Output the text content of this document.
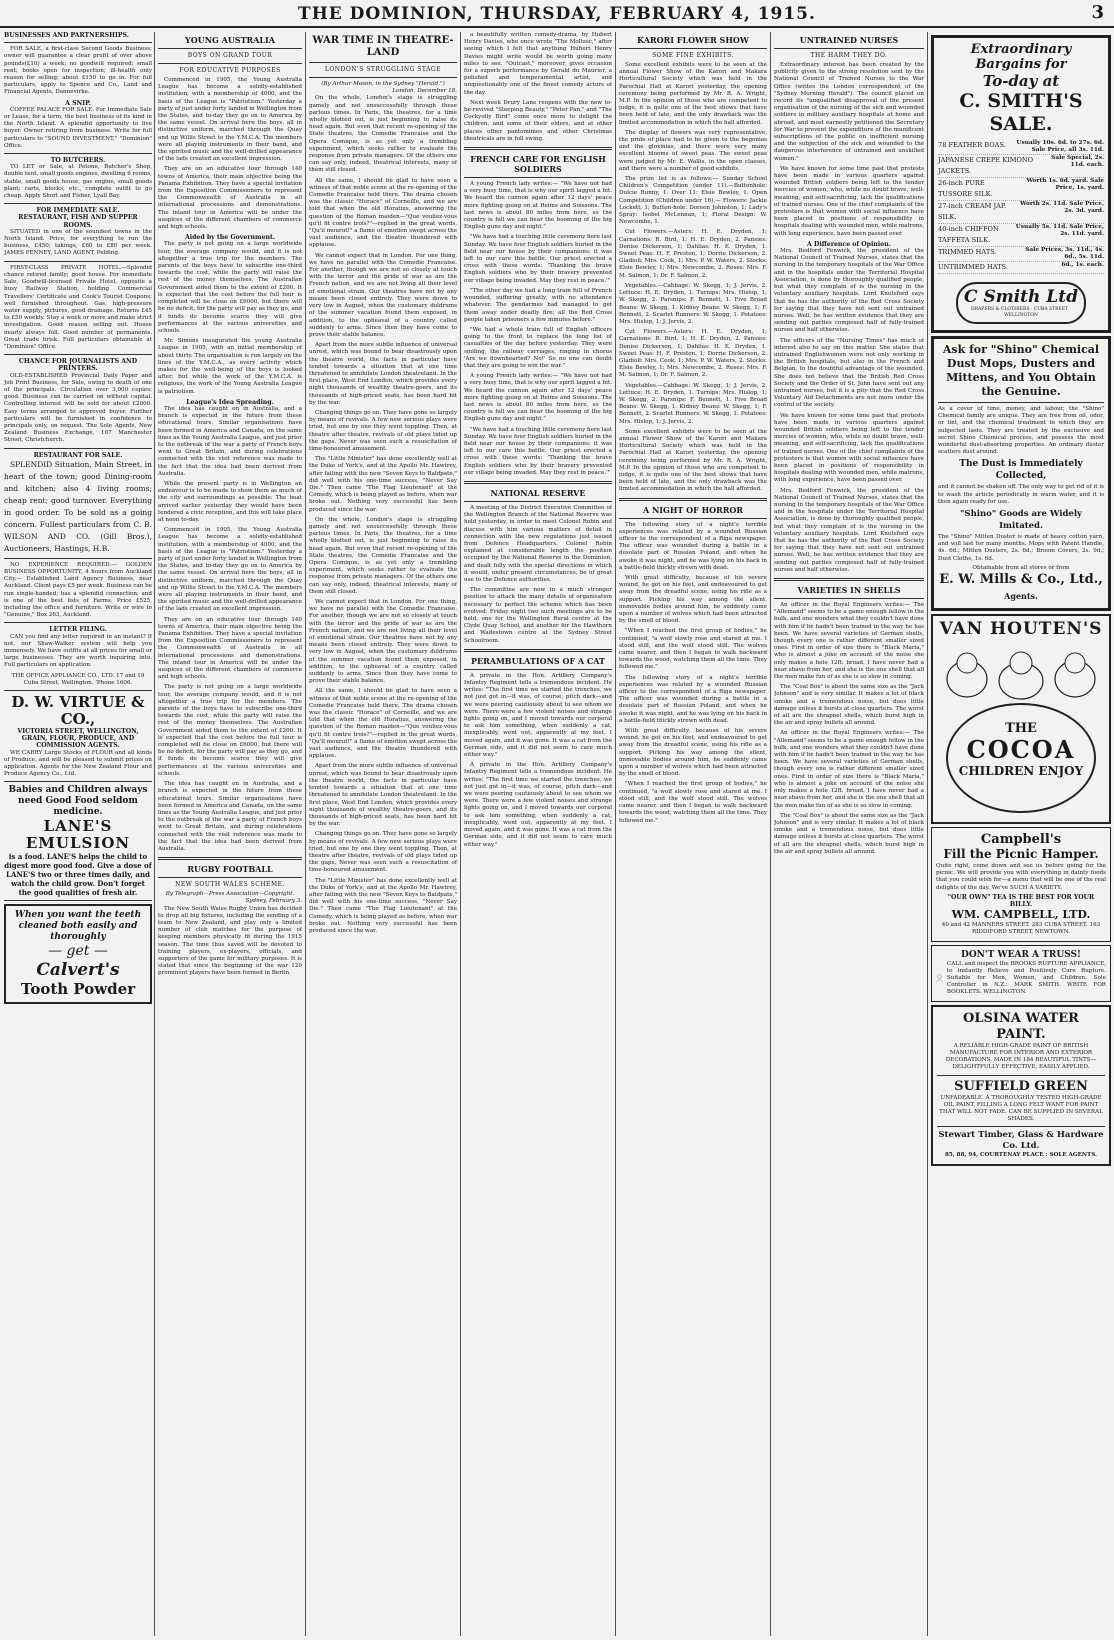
THE DOMINION, THURSDAY, FEBRUARY 4, 1915.	3
BUSINESSES AND PARTNERSHIPS.
FOR SALE, a first-class Second Goods Business; owner will guarantee a clear profit of over above pounds(£10) a week; no goodwill required; small rent; books open for inspection; ill-health only reason for selling; about £150 to go in. For full particulars, apply to Spence and Co., Land and Financial Agents, Dannevirke.
A SNIP.
COFFEE PALACE FOR SALE. For Immediate Sale or Lease, for a term, the best business of its kind in the North Island. A splendid opportunity to live buyer. Owner retiring from business. Write for full particulars to "SOUND INVESTMENT," "Dominion" Office.
TO BUTCHERS.
TO LET or Sale, at Petone, Butcher's Shop, double tent, small goods engines, dwelling 6 rooms, stable, small goods house, gas engine, small goods plant; carts, blocks, etc., complete outfit to go cheap. Apply Short and Fisher, Lyall Bay.
FOR IMMEDIATE SALE.
RESTAURANT, FISH AND SUPPER ROOMS.
SITUATED in one of the soundest towns in the North Island. Price, for everything to run the business, £450; takings, £60 to £80 per week. JAMES PENNEY, LAND AGENT, Pelding.
FIRST-CLASS PRIVATE HOTEL.—Splendid chance retired family; good house. For immediate Sale, Goodwill-licensed Private Hotel, opposite a busy Railway Station, holding Commercial Travellers' Certificate and Cook's Tourist Coupons; well furnished throughout. Gas, high-pressure water supply, pictures, good drainage. Returns £45 to £50 weekly. Stay a week or more and make strict investigation. Good reason selling out. House nearly always full. Good number of permanents. Great trade brisk. Full particulars obtainable at "Dominion" Office.
CHANCE FOR JOURNALISTS AND PRINTERS.
OLD-ESTABLISHED Provincial Daily Paper and Job Print Business, for Sale, owing to death of one of the principals. Circulation over 3,000 copies; good. Business can be carried on without capital. Controlling interest will be sold for about £2000. Easy terms arranged to approved buyer. Further particulars will be furnished in confidence to principals only, on request. The Sole Agents, New Zealand Business Exchange, 107 Manchester Street, Christchurch.
RESTAURANT FOR SALE.
SPLENDID Situation, Main Street, in heart of the town; good Dining-room and kitchen; also 4 living rooms; cheap rent; good turnover. Everything in good order. To be sold as a going concern. Fullest particulars from C. B. WILSON AND CO. (Gill Bros.), Auctioneers, Hastings, H.B.
NO EXPERIENCE REQUIRED.— GOLDEN BUSINESS OPPORTUNITY, 4 hours from Auckland City.— Established Land Agency Business, near Auckland. Client pays £5 per week. Business can be run single-handed; has a splendid connection; and is one of the best lists of Farms. Price £525, including the office and furniture. Write or wire to "Genuine," Box 263, Auckland.
LETTER FILING.
CAN you find any letter required in an instant? If not, our Shaw-Walker system will help you immensely. We have outfits at all prices for small or large businesses. They are worth inquiring into. Full particulars on application.
THE OFFICE APPLIANCE CO., LTD. 17 and 19 Cuba Street, Wellington. 'Phone 1606.
D. W. VIRTUE & CO.,
VICTORIA STREET, WELLINGTON, GRAIN, FLOUR, PRODUCE, AND COMMISSION AGENTS.
WE CARRY Large Stocks of FLOUR and all kinds of Produce, and will be pleased to submit prices on application. Agents for the New Zealand Flour and Produce Agency Co., Ltd.
Babies and Children always need Good Food seldom medicine.
LANE'S EMULSION
is a food. LANE'S helps the child to digest more good food. Give a dose of LANE'S two or three times daily, and watch the child grow. Don't forget the good qualities of fresh air.
When you want the teeth cleaned both easily and thoroughly
— get —
Calvert's
Tooth Powder
YOUNG AUSTRALIA
BOYS ON GRAND TOUR
FOR EDUCATIVE PURPOSES
Commenced in 1905, the Young Australia League has become a solidly-established institution, with a membership of 4000, and the basis of the League is "Patriotism." Yesterday a party of just under forty landed in Wellington from the States, and to-day they go on to America by the same vessel. On arrival here the boys, all in distinctive uniform, marched through the Quay and up Willis Street to the Y.M.C.A. The members were all playing instruments in their band, and the spirited music and the well-drilled appearance of the lads created an excellent impression.
They are on an educative tour through 140 towns of America, their main objective being the Panama Exhibition. They have a special invitation from the Exposition Commissioners to represent the Commonwealth of Australia in all international processions and demonstrations. The inland tour in America will be under the auspices of the different chambers of commerce and high schools.
Aided by the Government.
The party is not going on a large worldwide tour, the average company would, and it is not altogether a true trip for the members. The parents of the boys have to subscribe one-third towards the cost, while the party will raise the rest of the money themselves. The Australian Government aided them to the extent of £200. It is expected that the cost before the full tour is completed will be close on £6000, but there will be no deficit, for the party will pay as they go, and if funds do become scarce they will give performances at the various universities and schools.
Mr. Simons inaugurated the young Australia League in 1905, with an initial membership of about thirty. The organisation is run largely on the lines of the Y.M.C.A., as every activity which makes for the well-being of the boys is looked after; but while the work of the Y.M.C.A. is religious, the work of the Young Australia League is patriotism.
League's Idea Spreading.
The idea has caught on in Australia, and a branch is expected in the future from these educational tours. Similar organisations have been formed in America and Canada, on the same lines as the Young Australia League, and just prior to the outbreak of the war a party of French boys went to Great Britain, and during celebrations connected with the visit reference was made to the fact that the idea had been derived from Australia.
While the present party is in Wellington an endeavour is to be made to show them as much of the city and surroundings as possible. The boat arrived earlier yesterday they would have been tendered a civic reception, and this will take place at noon to-day.
Commenced in 1905, the Young Australia League has become a solidly-established institution, with a membership of 4000, and the basis of the League is "Patriotism." Yesterday a party of just under forty landed in Wellington from the States, and to-day they go on to America by the same vessel. On arrival here the boys, all in distinctive uniform, marched through the Quay and up Willis Street to the Y.M.C.A. The members were all playing instruments in their band, and the spirited music and the well-drilled appearance of the lads created an excellent impression.
They are on an educative tour through 140 towns of America, their main objective being the Panama Exhibition. They have a special invitation from the Exposition Commissioners to represent the Commonwealth of Australia in all international processions and demonstrations. The inland tour in America will be under the auspices of the different chambers of commerce and high schools.
The party is not going on a large worldwide tour, the average company would, and it is not altogether a true trip for the members. The parents of the boys have to subscribe one-third towards the cost, while the party will raise the rest of the money themselves. The Australian Government aided them to the extent of £200. It is expected that the cost before the full tour is completed will be close on £6000, but there will be no deficit, for the party will pay as they go, and if funds do become scarce they will give performances at the various universities and schools.
The idea has caught on in Australia, and a branch is expected in the future from these educational tours. Similar organisations have been formed in America and Canada, on the same lines as the Young Australia League, and just prior to the outbreak of the war a party of French boys went to Great Britain, and during celebrations connected with the visit reference was made to the fact that the idea had been derived from Australia.
RUGBY FOOTBALL
NEW SOUTH WALES SCHEME.
By Telegraph—Press Association—Copyright.
Sydney, February 3.
The New South Wales Rugby Union has decided to drop all big fixtures, including the sending of a team to New Zealand, and play only a limited number of club matches for the purpose of keeping members physically fit during the 1915 season. The time thus saved will be devoted to training players, ex-players, officials, and supporters of the game for military purposes. It is stated that since the beginning of the war 120 prominent players have been formed in Berlin.
WAR TIME IN THEATRE-LAND
LONDON'S STRUGGLING STAGE
(By Arthur Mason, in the Sydney "Herald.")
London, December 18.
On the whole, London's stage is struggling gamely and not unsuccessfully through these parlous times. In Paris, the theatres, for a time wholly blotted out, is just beginning to raise its head again. But even that recent re-opening of the State theatres, the Comedie Francaise and the Opera Comique, is as yet only a trembling experiment, which seeks rather to evaluate the response from private managers. Of the others one can say only, indeed, theatrical interests, many of them still closed.
All the same, I should be glad to have seen a witness of that noble scene at the re-opening of the Comedie Francaise held there. The drama chosen was the classic "Horace" of Corneille, and we are told that when the old Horatius, answering the question of the Roman maiden—"Que vouliez-vous qu'il fit contre trois?"—replied in the great words, "Qu'il mourut!" a flame of emotion swept across the vast audience, and the theatre thundered with applause.
We cannot expect that in London. For one thing, we have no parallel with the Comedie Francaise. For another, though we are not so closely at touch with the terror and the pride of war as are the French nation, and we are not living all their level of emotional strain. Our theatres have not by any means been closed entirely. They were down to very low in August, when the customary doldrums of the summer vacation found them exposed, in addition, to the upheaval of a country called suddenly to arms. Since then they have come to prove their stable balance.
Apart from the more subtle influence of universal unrest, which was bound to bear disastrously upon the theatre world, the facts in particular have tended towards a situation that at one time threatened to annihilate London theatreland. In the first place, West End London, which provides every night thousands of wealthy theatre-goers, and its thousands of high-priced seats, has been hard hit by the war.
Changing things go on. They have gone so largely by means of revivals. A few new serious plays were tried, but one by one they went toppling. Then, at theatre after theatre, revivals of old plays tided up the gaps. Never was seen such a resuscitation of time-honoured amusement.
The "Little Minister" has done excellently well at the Duke of York's, and at the Apollo Mr. Hawtrey, after failing with the new "Seven Keys to Baldpate," did well with his one-time success, "Never Say Die." Then came "The Flag Lieutenant" at the Comedy, which is being played as before, when war broke out. Nothing very successful has been produced since the war.
On the whole, London's stage is struggling gamely and not unsuccessfully through these parlous times. In Paris, the theatres, for a time wholly blotted out, is just beginning to raise its head again. But even that recent re-opening of the State theatres, the Comedie Francaise and the Opera Comique, is as yet only a trembling experiment, which seeks rather to evaluate the response from private managers. Of the others one can say only, indeed, theatrical interests, many of them still closed.
We cannot expect that in London. For one thing, we have no parallel with the Comedie Francaise. For another, though we are not so closely at touch with the terror and the pride of war as are the French nation, and we are not living all their level of emotional strain. Our theatres have not by any means been closed entirely. They were down to very low in August, when the customary doldrums of the summer vacation found them exposed, in addition, to the upheaval of a country called suddenly to arms. Since then they have come to prove their stable balance.
All the same, I should be glad to have seen a witness of that noble scene at the re-opening of the Comedie Francaise held there. The drama chosen was the classic "Horace" of Corneille, and we are told that when the old Horatius, answering the question of the Roman maiden—"Que vouliez-vous qu'il fit contre trois?"—replied in the great words, "Qu'il mourut!" a flame of emotion swept across the vast audience, and the theatre thundered with applause.
Apart from the more subtle influence of universal unrest, which was bound to bear disastrously upon the theatre world, the facts in particular have tended towards a situation that at one time threatened to annihilate London theatreland. In the first place, West End London, which provides every night thousands of wealthy theatre-goers, and its thousands of high-priced seats, has been hard hit by the war.
Changing things go on. They have gone so largely by means of revivals. A few new serious plays were tried, but one by one they went toppling. Then, at theatre after theatre, revivals of old plays tided up the gaps. Never was seen such a resuscitation of time-honoured amusement.
The "Little Minister" has done excellently well at the Duke of York's, and at the Apollo Mr. Hawtrey, after failing with the new "Seven Keys to Baldpate," did well with his one-time success, "Never Say Die." Then came "The Flag Lieutenant" at the Comedy, which is being played as before, when war broke out. Nothing very successful has been produced since the war.
a beautifully written comedy-drama, by Hubert Henry Davies, who once wrote "The Mollusc," after seeing which I felt that anything Hubert Henry Davies might write would be worth going many miles to see. "Outcast," moreover, gives occasion for a superb performance by Gerald du Maurier, a polished and temperamental artist, and unquestionably one of the finest comedy actors of the day.
Next week Drury Lane reopens with the new to-be-revived "Sleeping Beauty," "Peter Pan," and "The Cockyolly Bird" come once more to delight the children, and some of their elders, and at other places other pantomimes and other Christmas theatricals are in full swing.
FRENCH CARE FOR ENGLISH SOLDIERS
A young French lady writes:— "We have not had a very busy time, that is why our spirit lagged a bit. We heard the cannon again after 12 days' peace more fighting going on at Reims and Soissons. The last news is about 80 miles from here, so the country is full we can hear the booming of the big English guns day and night."
"We have had a touching little ceremony here last Sunday. We have four English soldiers buried in the field near our house by their companions; it was left to our care this battle. Our priest erected a cross with these words: 'Thanking the brave English soldiers who by their bravery prevented our village being invaded. May they rest in peace.'"
"The other day we had a long train full of French wounded, suffering greatly, with no attendance whatever. The gendarmes had managed to get them away under deadly fire; all the Red Cross people taken prisoners a few minutes before."
"We had a whole train full of English officers going to the front to replace the long list of casualties of the day before yesterday. They were smiling, the railway carriages, ringing in chorus 'Are we downhearted? No!' So no one can doubt that they are going to win the war."
A young French lady writes:— "We have not had a very busy time, that is why our spirit lagged a bit. We heard the cannon again after 12 days' peace more fighting going on at Reims and Soissons. The last news is about 80 miles from here, so the country is full we can hear the booming of the big English guns day and night."
"We have had a touching little ceremony here last Sunday. We have four English soldiers buried in the field near our house by their companions; it was left to our care this battle. Our priest erected a cross with these words: 'Thanking the brave English soldiers who by their bravery prevented our village being invaded. May they rest in peace.'"
NATIONAL RESERVE
A meeting of the District Executive Committee of the Wellington Branch of the National Reserve was held yesterday, in order to meet Colonel Robin and discuss with him various matters of detail in connection with the new regulations just issued from Defence Headquarters. Colonel Robin explained at considerable length the position occupied by the National Reserve in the Dominion, and dealt fully with the special directions in which it would, under present circumstances, be of great use to the Defence authorities.
The committee are now in a much stronger position to attack the many details of organisation necessary to perfect the scheme which has been evolved. Friday night two such meetings are to be held, one for the Wellington Rural centre at the Clyde Quay School, and another for the Hawthorn and Wadestown centre at the Sydney Street Schoolroom.
PERAMBULATIONS OF A CAT
A private in the Hon. Artillery Company's Infantry Regiment tells a tremendous incident. He writes: "The first time we started the trenches, we not just got in—it was, of course, pitch dark—and we were peering cautiously about to see whom we were. There were a few violent noises and strange lights going on, and I moved towards our corporal to ask him something, when suddenly a cat, inexplicably, went out, apparently at my feet. I moved again, and it was gone. It was a cat from the German side, and it did not seem to care much either way."
A private in the Hon. Artillery Company's Infantry Regiment tells a tremendous incident. He writes: "The first time we started the trenches, we not just got in—it was, of course, pitch dark—and we were peering cautiously about to see whom we were. There were a few violent noises and strange lights going on, and I moved towards our corporal to ask him something, when suddenly a cat, inexplicably, went out, apparently at my feet. I moved again, and it was gone. It was a cat from the German side, and it did not seem to care much either way."
KARORI FLOWER SHOW
SOME FINE EXHIBITS.
Some excellent exhibits were to be seen at the annual Flower Show of the Karori and Makara Horticultural Society which was held in the Parochial Hall at Karori yesterday, the opening ceremony being performed by Mr. R. A. Wright, M.P. In the opinion of those who are competent to judge, it is quite one of the best shows that have been held of late, and the only drawback was the limited accommodation in which the hall afforded.
The display of flowers was very representative, the pride of place had to be given to the begonias and the gloxinias, and there were very many excellent blooms of sweet peas. The sweet peas were judged by Mr. E. Wallis, in the open classes, and there were a number of good exhibits.
The prize list is as follows:— Sunday School Children's Competition (under 11).—Buttonhole: Dulcie Bunny, 1. Over 11: Elsie Bewley, 1. Open Competition (Children under 16).— Flowers: Jackie Lockett, 1; Button-hole: Doreen Johnston, 1; Lady's Spray: Isobel McLennan, 1; Floral Design: W. Newcombe, 1.
Cut Flowers.—Asters: H. E. Dryden, 1; Carnations: R. Bird, 1; H. E. Dryden, 2. Pansies: Denise Dickerson, 1; Dahlias: H. E. Dryden, 1. Sweet Peas: H. F. Preston, 1; Dorrie Dickerson, 2. Gladioli: Mrs. Cook, 1; Mrs. P. W. Waters, 2. Stocks: Elsie Bewley, 1; Mrs. Newcombe, 2. Roses: Mrs. F. M. Salmon, 1; Dr. F. Salmon, 2.
Vegetables.—Cabbage: W. Skegg, 1; J. Jervis, 2. Lettuce: H. E. Dryden, 1. Turnips: Mrs. Hislop, 1; W. Skegg, 2. Parsnips: F. Bennett, 1. Five Broad Beans: W. Skegg, 1. Kidney Beans: W. Skegg, 1; F. Bennett, 2. Scarlet Runners: W. Skegg, 1. Potatoes: Mrs. Hislop, 1; J. Jervis, 2.
Cut Flowers.—Asters: H. E. Dryden, 1; Carnations: R. Bird, 1; H. E. Dryden, 2. Pansies: Denise Dickerson, 1; Dahlias: H. E. Dryden, 1. Sweet Peas: H. F. Preston, 1; Dorrie Dickerson, 2. Gladioli: Mrs. Cook, 1; Mrs. P. W. Waters, 2. Stocks: Elsie Bewley, 1; Mrs. Newcombe, 2. Roses: Mrs. F. M. Salmon, 1; Dr. F. Salmon, 2.
Vegetables.—Cabbage: W. Skegg, 1; J. Jervis, 2. Lettuce: H. E. Dryden, 1. Turnips: Mrs. Hislop, 1; W. Skegg, 2. Parsnips: F. Bennett, 1. Five Broad Beans: W. Skegg, 1. Kidney Beans: W. Skegg, 1; F. Bennett, 2. Scarlet Runners: W. Skegg, 1. Potatoes: Mrs. Hislop, 1; J. Jervis, 2.
Some excellent exhibits were to be seen at the annual Flower Show of the Karori and Makara Horticultural Society which was held in the Parochial Hall at Karori yesterday, the opening ceremony being performed by Mr. R. A. Wright, M.P. In the opinion of those who are competent to judge, it is quite one of the best shows that have been held of late, and the only drawback was the limited accommodation in which the hall afforded.
A NIGHT OF HORROR
The following story of a night's terrible experiences was related by a wounded Russian officer to the correspondent of a Riga newspaper. The officer was wounded during a battle in a desolate part of Russian Poland, and when he awoke it was night, and he was lying on his back in a battle-field thickly strewn with dead.
With great difficulty, because of his severe wound, he got on his feet, and endeavoured to get away from the dreadful scene, using his rifle as a support. Picking his way among the silent, immovable bodies around him, he suddenly came upon a number of wolves which had been attracted by the smell of blood.
"When I reached the first group of bodies," he continued, "a wolf slowly rose and stared at me. I stood still, and the wolf stood still. The wolves came nearer, and then I began to walk backward towards the wood, watching them all the time. They followed me."
The following story of a night's terrible experiences was related by a wounded Russian officer to the correspondent of a Riga newspaper. The officer was wounded during a battle in a desolate part of Russian Poland, and when he awoke it was night, and he was lying on his back in a battle-field thickly strewn with dead.
With great difficulty, because of his severe wound, he got on his feet, and endeavoured to get away from the dreadful scene, using his rifle as a support. Picking his way among the silent, immovable bodies around him, he suddenly came upon a number of wolves which had been attracted by the smell of blood.
"When I reached the first group of bodies," he continued, "a wolf slowly rose and stared at me. I stood still, and the wolf stood still. The wolves came nearer, and then I began to walk backward towards the wood, watching them all the time. They followed me."
UNTRAINED NURSES
THE HARM THEY DO.
Extraordinary interest has been created by the publicity given to the strong resolution sent by the National Council of Trained Nurses to the War Office (writes the London correspondent of the "Sydney Morning Herald"). The council placed on record its "unqualified disapproval of the present organisation of the nursing of the sick and wounded soldiers in military auxiliary hospitals at home and abroad, and most earnestly petitioned the Secretary for War to prevent the expenditure of the munificent subscriptions of the public on inefficient nursing and the subjection of the sick and wounded to the dangerous interference of untrained and unskilled women."
We have known for some time past that protests have been made in various quarters against wounded British soldiers being left to the tender mercies of women, who, while no doubt brave, well-meaning, and self-sacrificing, lack the qualifications of trained nurses. One of the chief complaints of the protesters is that women with social influence have been placed in positions of responsibility in hospitals dealing with wounded men, while matrons, with long experience, have been passed over.
A Difference of Opinion.
Mrs. Bedford Fenwick, the president of the National Council of Trained Nurses, states that the nursing in the temporary hospitals of the War Office and in the hospitals under the Territorial Hospital Association, is done by thoroughly qualified people, but what they complain of is the nursing in the voluntary auxiliary hospitals. Lord Knutsford says that he has the authority of the Red Cross Society for saying that they have not sent out untrained nurses. Well, he has written evidence that they are sending out parties composed half of fully-trained nurses and half otherwise.
The officers of the "Nursing Times" has much of interest also to say on this matter. She states that untrained Englishwomen were not only working in the British hospitals, but also in the French and Belgian, to the doubtful advantage of the wounded. She does not believe that the British Red Cross Society and the Order of St. John have sent out any untrained nurses, but it is a pity that the Red Cross Voluntary Aid Detachments are not more under the control of the society.
We have known for some time past that protests have been made in various quarters against wounded British soldiers being left to the tender mercies of women, who, while no doubt brave, well-meaning, and self-sacrificing, lack the qualifications of trained nurses. One of the chief complaints of the protesters is that women with social influence have been placed in positions of responsibility in hospitals dealing with wounded men, while matrons, with long experience, have been passed over.
Mrs. Bedford Fenwick, the president of the National Council of Trained Nurses, states that the nursing in the temporary hospitals of the War Office and in the hospitals under the Territorial Hospital Association, is done by thoroughly qualified people, but what they complain of is the nursing in the voluntary auxiliary hospitals. Lord Knutsford says that he has the authority of the Red Cross Society for saying that they have not sent out untrained nurses. Well, he has written evidence that they are sending out parties composed half of fully-trained nurses and half otherwise.
VARIETIES IN SHELLS
An officer in the Royal Engineers writes:— The "Allemand" seems to be a game enough fellow in the bulk, and one wonders what they couldn't have done with him if he hadn't been trained in the way he has been. We have several varieties of German shells, though every one is rather different smaller sized ones. First in order of size there is "Black Maria," who is almost a joke on account of the noise she only makes a hole 12ft. broad. I have never had a near shave from her, and she is the one shell that all the men make fun of as she is so slow in coming.
The "Coal Box" is about the same size as the "Jack Johnson" and is very similar. It makes a lot of black smoke and a tremendous noise, but does little damage unless it bursts at close quarters. The worst of all are the shrapnel shells, which burst high in the air and spray bullets all around.
An officer in the Royal Engineers writes:— The "Allemand" seems to be a game enough fellow in the bulk, and one wonders what they couldn't have done with him if he hadn't been trained in the way he has been. We have several varieties of German shells, though every one is rather different smaller sized ones. First in order of size there is "Black Maria," who is almost a joke on account of the noise she only makes a hole 12ft. broad. I have never had a near shave from her, and she is the one shell that all the men make fun of as she is so slow in coming.
The "Coal Box" is about the same size as the "Jack Johnson" and is very similar. It makes a lot of black smoke and a tremendous noise, but does little damage unless it bursts at close quarters. The worst of all are the shrapnel shells, which burst high in the air and spray bullets all around.
Extraordinary Bargains for
To-day at
C. SMITH'S SALE.
78 FEATHER BOAS.	Usually 10s. 6d. to 27s. 6d. Sale Price, all 3s. 11d.
JAPANESE CREPE KIMONO JACKETS.
Sale Special, 2s. 11d. each.
26-inch PURE TUSSORE SILK.
Worth 1s. 6d. yard. Sale Price, 1s. yard.
27-inch CREAM JAP. SILK.
Worth 2s. 11d. Sale Price, 2s. 3d. yard.
40-inch CHIFFON TAFFETA SILK.
Usually 5s. 11d. Sale Price, 2s. 11d. yard.
TRIMMED HATS.	Sale Prices, 3s. 11d., 4s. 6d., 5s. 11d.
UNTRIMMED HATS.	6d., 1s. each.
C Smith Ltd
DRAPERS & CLOTHIERS · CUBA STREET · WELLINGTON
Ask for "Shino" Chemical Dust Mops, Dusters and Mittens, and You Obtain the Genuine.
As a cover of time, money, and labour, the "Shino" Chemical family are unique. They are free from oil, odor, or lint, and the chemical treatment to which they are subjected lasts. They are treated by the exclusive and secret Shino Chemical process, and possess the most wonderful dust-absorbing properties. An ordinary duster scatters dust around.
The Dust is Immediately Collected,
and it cannot be shaken off. The only way to get rid of it is to wash the article periodically in warm water, and it is then again ready for use.
"Shino" Goods are Widely Imitated.
The "Shino" Mitten Duster is made of heavy cotton yarn, and will last for many months. Mops with Patent Handle, 4s. 6d.; Mitten Dusters, 2s. 6d.; Broom Covers, 2s. 9d.; Dust Cloths, 1s. 6d.
Obtainable from all stores or from
E. W. Mills & Co., Ltd., Agents.
VAN HOUTEN'S
THE
COCOA
CHILDREN ENJOY
Campbell's
Fill the Picnic Hamper.
Quite right, come down and see us before going for the picnic. We will provide you with everything in dainty foods that you could wish for—a menu that will be one of the real delights of the day. We've SUCH A VARIETY.
"OUR OWN" TEA IS THE BEST FOR YOUR BILLY.
WM. CAMPBELL, LTD.
40 and 42 MANNERS STREET. 283 CUBA STREET. 163 RIDDIFORD STREET, NEWTOWN.
DON'T WEAR A TRUSS!
CALL and inspect the BROOKS RUPTURE APPLIANCE, to instantly Relieve and Positively Cure Rupture. Suitable for Men, Women, and Children. Sole Controller in N.Z.: MARK SMITH. WRITE FOR BOOKLETS. WELLINGTON.
OLSINA WATER PAINT.
A RELIABLE HIGH-GRADE PAINT OF BRITISH MANUFACTURE FOR INTERIOR AND EXTERIOR DECORATIONS. MADE IN 184 BEAUTIFUL TINTS— DELIGHTFULLY EFFECTIVE, EASILY APPLIED.
SUFFIELD GREEN
UNFADEABLE. A THOROUGHLY TESTED HIGH-GRADE OIL PAINT, FILLING A LONG FELT WANT FOR PAINT THAT WILL NOT FADE. CAN BE SUPPLIED IN SEVERAL SHADES.
Stewart Timber, Glass & Hardware Co. Ltd.
85, 88, 94, COURTENAY PLACE : SOLE AGENTS.
